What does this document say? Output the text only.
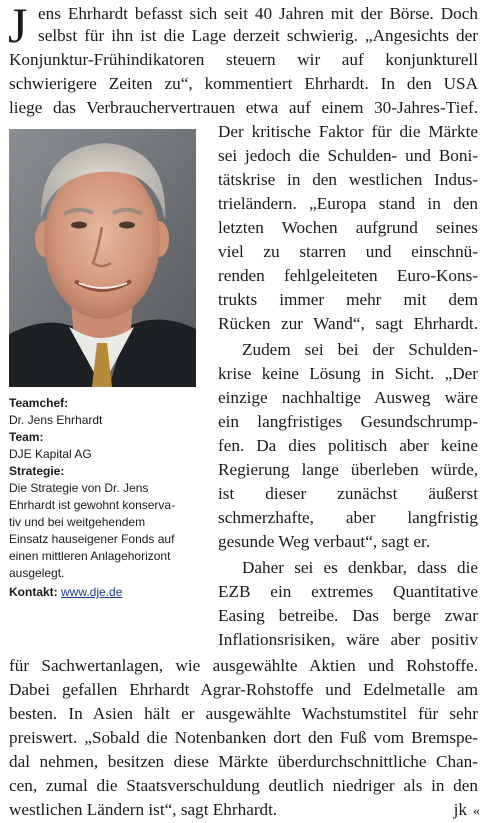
J ens Ehrhardt befasst sich seit 40 Jahren mit der Börse. Doch
selbst für ihn ist die Lage derzeit schwierig. „Angesichts der
Konjunktur-Frühindikatoren steuern wir auf konjunkturell
schwierigere Zeiten zu“, kommentiert Ehrhardt. In den USA
liege das Verbrauchervertrauen etwa auf einem 30-Jahres-Tief.
Der kritische Faktor für die Märkte
sei jedoch die Schulden- und Boni-
tätskrise in den westlichen Indus-
trieländern. „Europa stand in den
letzten Wochen aufgrund seines
viel zu starren und einschnü-
renden fehlgeleiteten Euro-Kons-
trukts immer mehr mit dem
Rücken zur Wand“, sagt Ehrhardt.
Zudem sei bei der Schulden-
krise keine Lösung in Sicht. „Der
einzige nachhaltige Ausweg wäre
ein langfristiges Gesundschrump-
fen. Da dies politisch aber keine
Regierung lange überleben würde,
ist dieser zunächst äußerst
schmerzhafte, aber langfristig
gesunde Weg verbaut“, sagt er.
Daher sei es denkbar, dass die
EZB ein extremes Quantitative
Easing betreibe. Das berge zwar
Inflationsrisiken, wäre aber positiv
für Sachwertanlagen, wie ausgewählte Aktien und Rohstoffe.
Dabei gefallen Ehrhardt Agrar-Rohstoffe und Edelmetalle am
besten. In Asien hält er ausgewählte Wachstumstitel für sehr
preiswert. „Sobald die Notenbanken dort den Fuß vom Bremspe-
dal nehmen, besitzen diese Märkte überdurchschnittliche Chan-
cen, zumal die Staatsverschuldung deutlich niedriger als in den
westlichen Ländern ist“, sagt Ehrhardt.	jk «
Teamchef:
Dr. Jens Ehrhardt
Team:
DJE Kapital AG
Strategie:
Die Strategie von Dr. Jens
Ehrhardt ist gewohnt konserva-
tiv und bei weitgehendem
Einsatz hauseigener Fonds auf
einen mittleren Anlagehorizont
ausgelegt.
Kontakt: www.dje.de
